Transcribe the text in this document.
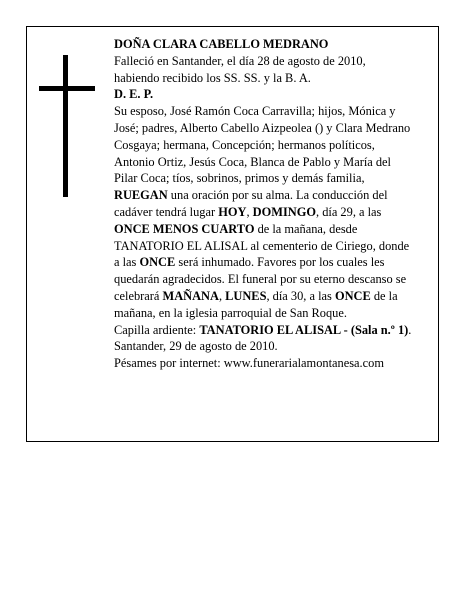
DOÑA CLARA CABELLO MEDRANO

Falleció en Santander, el día 28 de agosto de 2010, habiendo recibido los SS. SS. y la B. A.

D. E. P.

Su esposo, José Ramón Coca Carravilla; hijos, Mónica y José; padres, Alberto Cabello Aizpeolea () y Clara Medrano Cosgaya; hermana, Concepción; hermanos políticos, Antonio Ortiz, Jesús Coca, Blanca de Pablo y María del Pilar Coca; tíos, sobrinos, primos y demás familia,

RUEGAN una oración por su alma. La conducción del cadáver tendrá lugar HOY, DOMINGO, día 29, a las ONCE MENOS CUARTO de la mañana, desde TANATORIO EL ALISAL al cementerio de Ciriego, donde a las ONCE será inhumado. Favores por los cuales les quedarán agradecidos. El funeral por su eterno descanso se celebrará MAÑANA, LUNES, día 30, a las ONCE de la mañana, en la iglesia parroquial de San Roque.

Capilla ardiente: TANATORIO EL ALISAL - (Sala n.º 1).

Santander, 29 de agosto de 2010.

Pésames por internet: www.funerarialamontanesa.com
